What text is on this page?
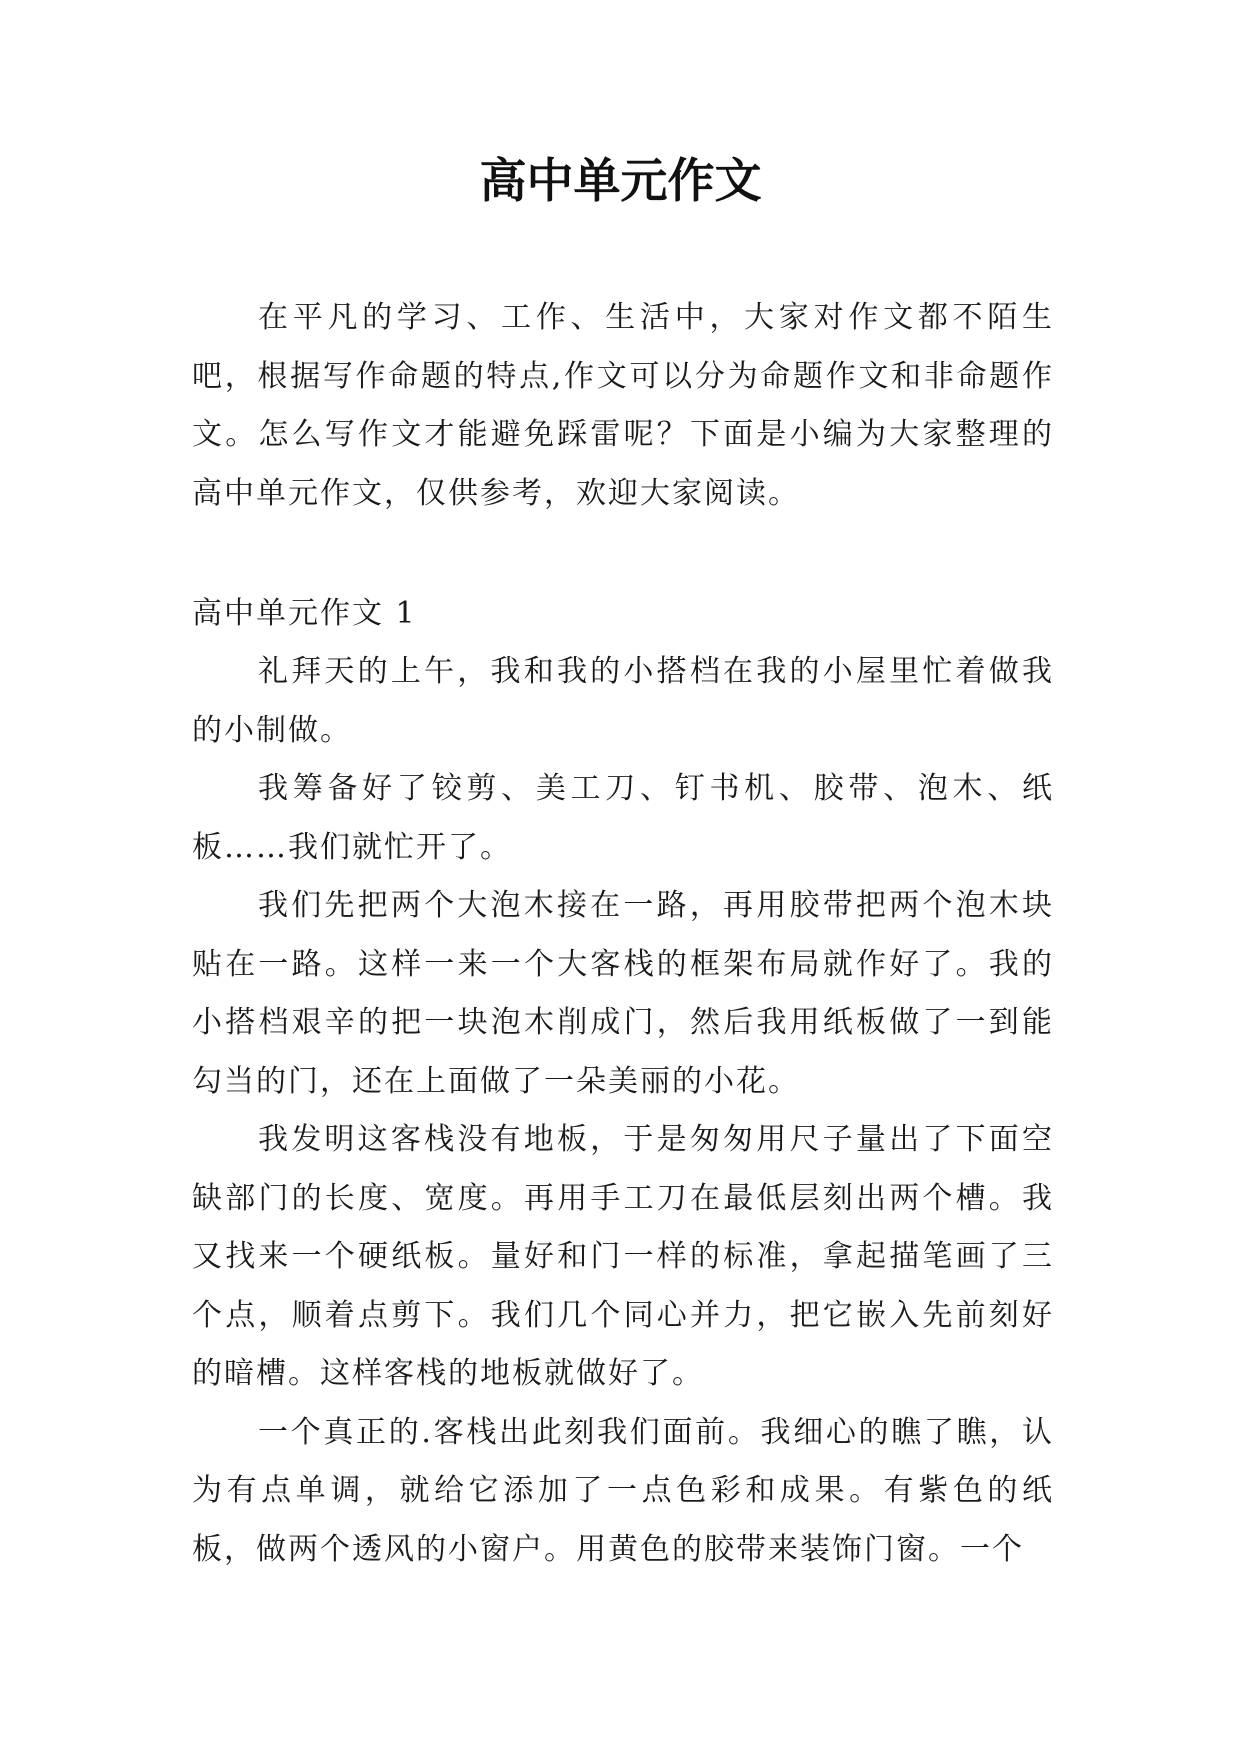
高中单元作文

在平凡的学习、工作、生活中，大家对作文都不陌生吧，根据写作命题的特点,作文可以分为命题作文和非命题作文。怎么写作文才能避免踩雷呢？下面是小编为大家整理的高中单元作文，仅供参考，欢迎大家阅读。

高中单元作文 1

礼拜天的上午，我和我的小搭档在我的小屋里忙着做我的小制做。

我筹备好了铰剪、美工刀、钉书机、胶带、泡木、纸板……我们就忙开了。

我们先把两个大泡木接在一路，再用胶带把两个泡木块贴在一路。这样一来一个大客栈的框架布局就作好了。我的小搭档艰辛的把一块泡木削成门，然后我用纸板做了一到能勾当的门，还在上面做了一朵美丽的小花。

我发明这客栈没有地板，于是匆匆用尺子量出了下面空缺部门的长度、宽度。再用手工刀在最低层刻出两个槽。我又找来一个硬纸板。量好和门一样的标准，拿起描笔画了三个点，顺着点剪下。我们几个同心并力，把它嵌入先前刻好的暗槽。这样客栈的地板就做好了。

一个真正的.客栈出此刻我们面前。我细心的瞧了瞧，认为有点单调，就给它添加了一点色彩和成果。有紫色的纸板，做两个透风的小窗户。用黄色的胶带来装饰门窗。一个
